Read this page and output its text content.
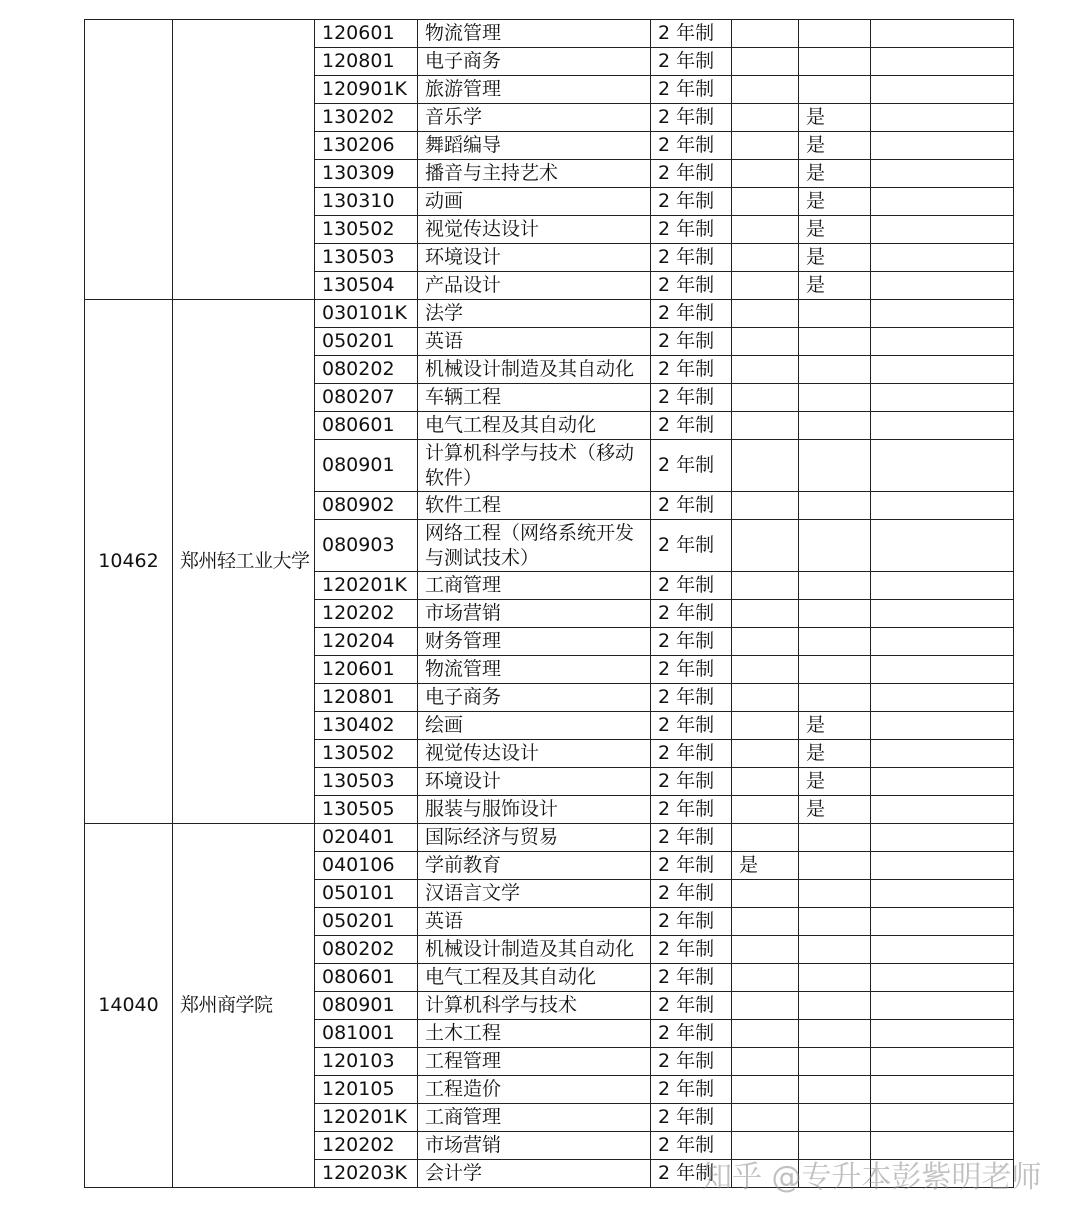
		120601	物流管理	2 年制			
		120801	电子商务	2 年制			
		120901K	旅游管理	2 年制			
		130202	音乐学	2 年制		是	
		130206	舞蹈编导	2 年制		是	
		130309	播音与主持艺术	2 年制		是	
		130310	动画	2 年制		是	
		130502	视觉传达设计	2 年制		是	
		130503	环境设计	2 年制		是	
		130504	产品设计	2 年制		是	
10462	郑州轻工业大学	030101K	法学	2 年制			
		050201	英语	2 年制			
		080202	机械设计制造及其自动化	2 年制			
		080207	车辆工程	2 年制			
		080601	电气工程及其自动化	2 年制			
		080901	计算机科学与技术（移动软件）	2 年制			
		080902	软件工程	2 年制			
		080903	网络工程（网络系统开发与测试技术）	2 年制			
		120201K	工商管理	2 年制			
		120202	市场营销	2 年制			
		120204	财务管理	2 年制			
		120601	物流管理	2 年制			
		120801	电子商务	2 年制			
		130402	绘画	2 年制		是	
		130502	视觉传达设计	2 年制		是	
		130503	环境设计	2 年制		是	
		130505	服装与服饰设计	2 年制		是	
14040	郑州商学院	020401	国际经济与贸易	2 年制			
		040106	学前教育	2 年制	是		
		050101	汉语言文学	2 年制			
		050201	英语	2 年制			
		080202	机械设计制造及其自动化	2 年制			
		080601	电气工程及其自动化	2 年制			
		080901	计算机科学与技术	2 年制			
		081001	土木工程	2 年制			
		120103	工程管理	2 年制			
		120105	工程造价	2 年制			
		120201K	工商管理	2 年制			
		120202	市场营销	2 年制			
		120203K	会计学	2 年制			
知乎 @专升本彭紫明老师
